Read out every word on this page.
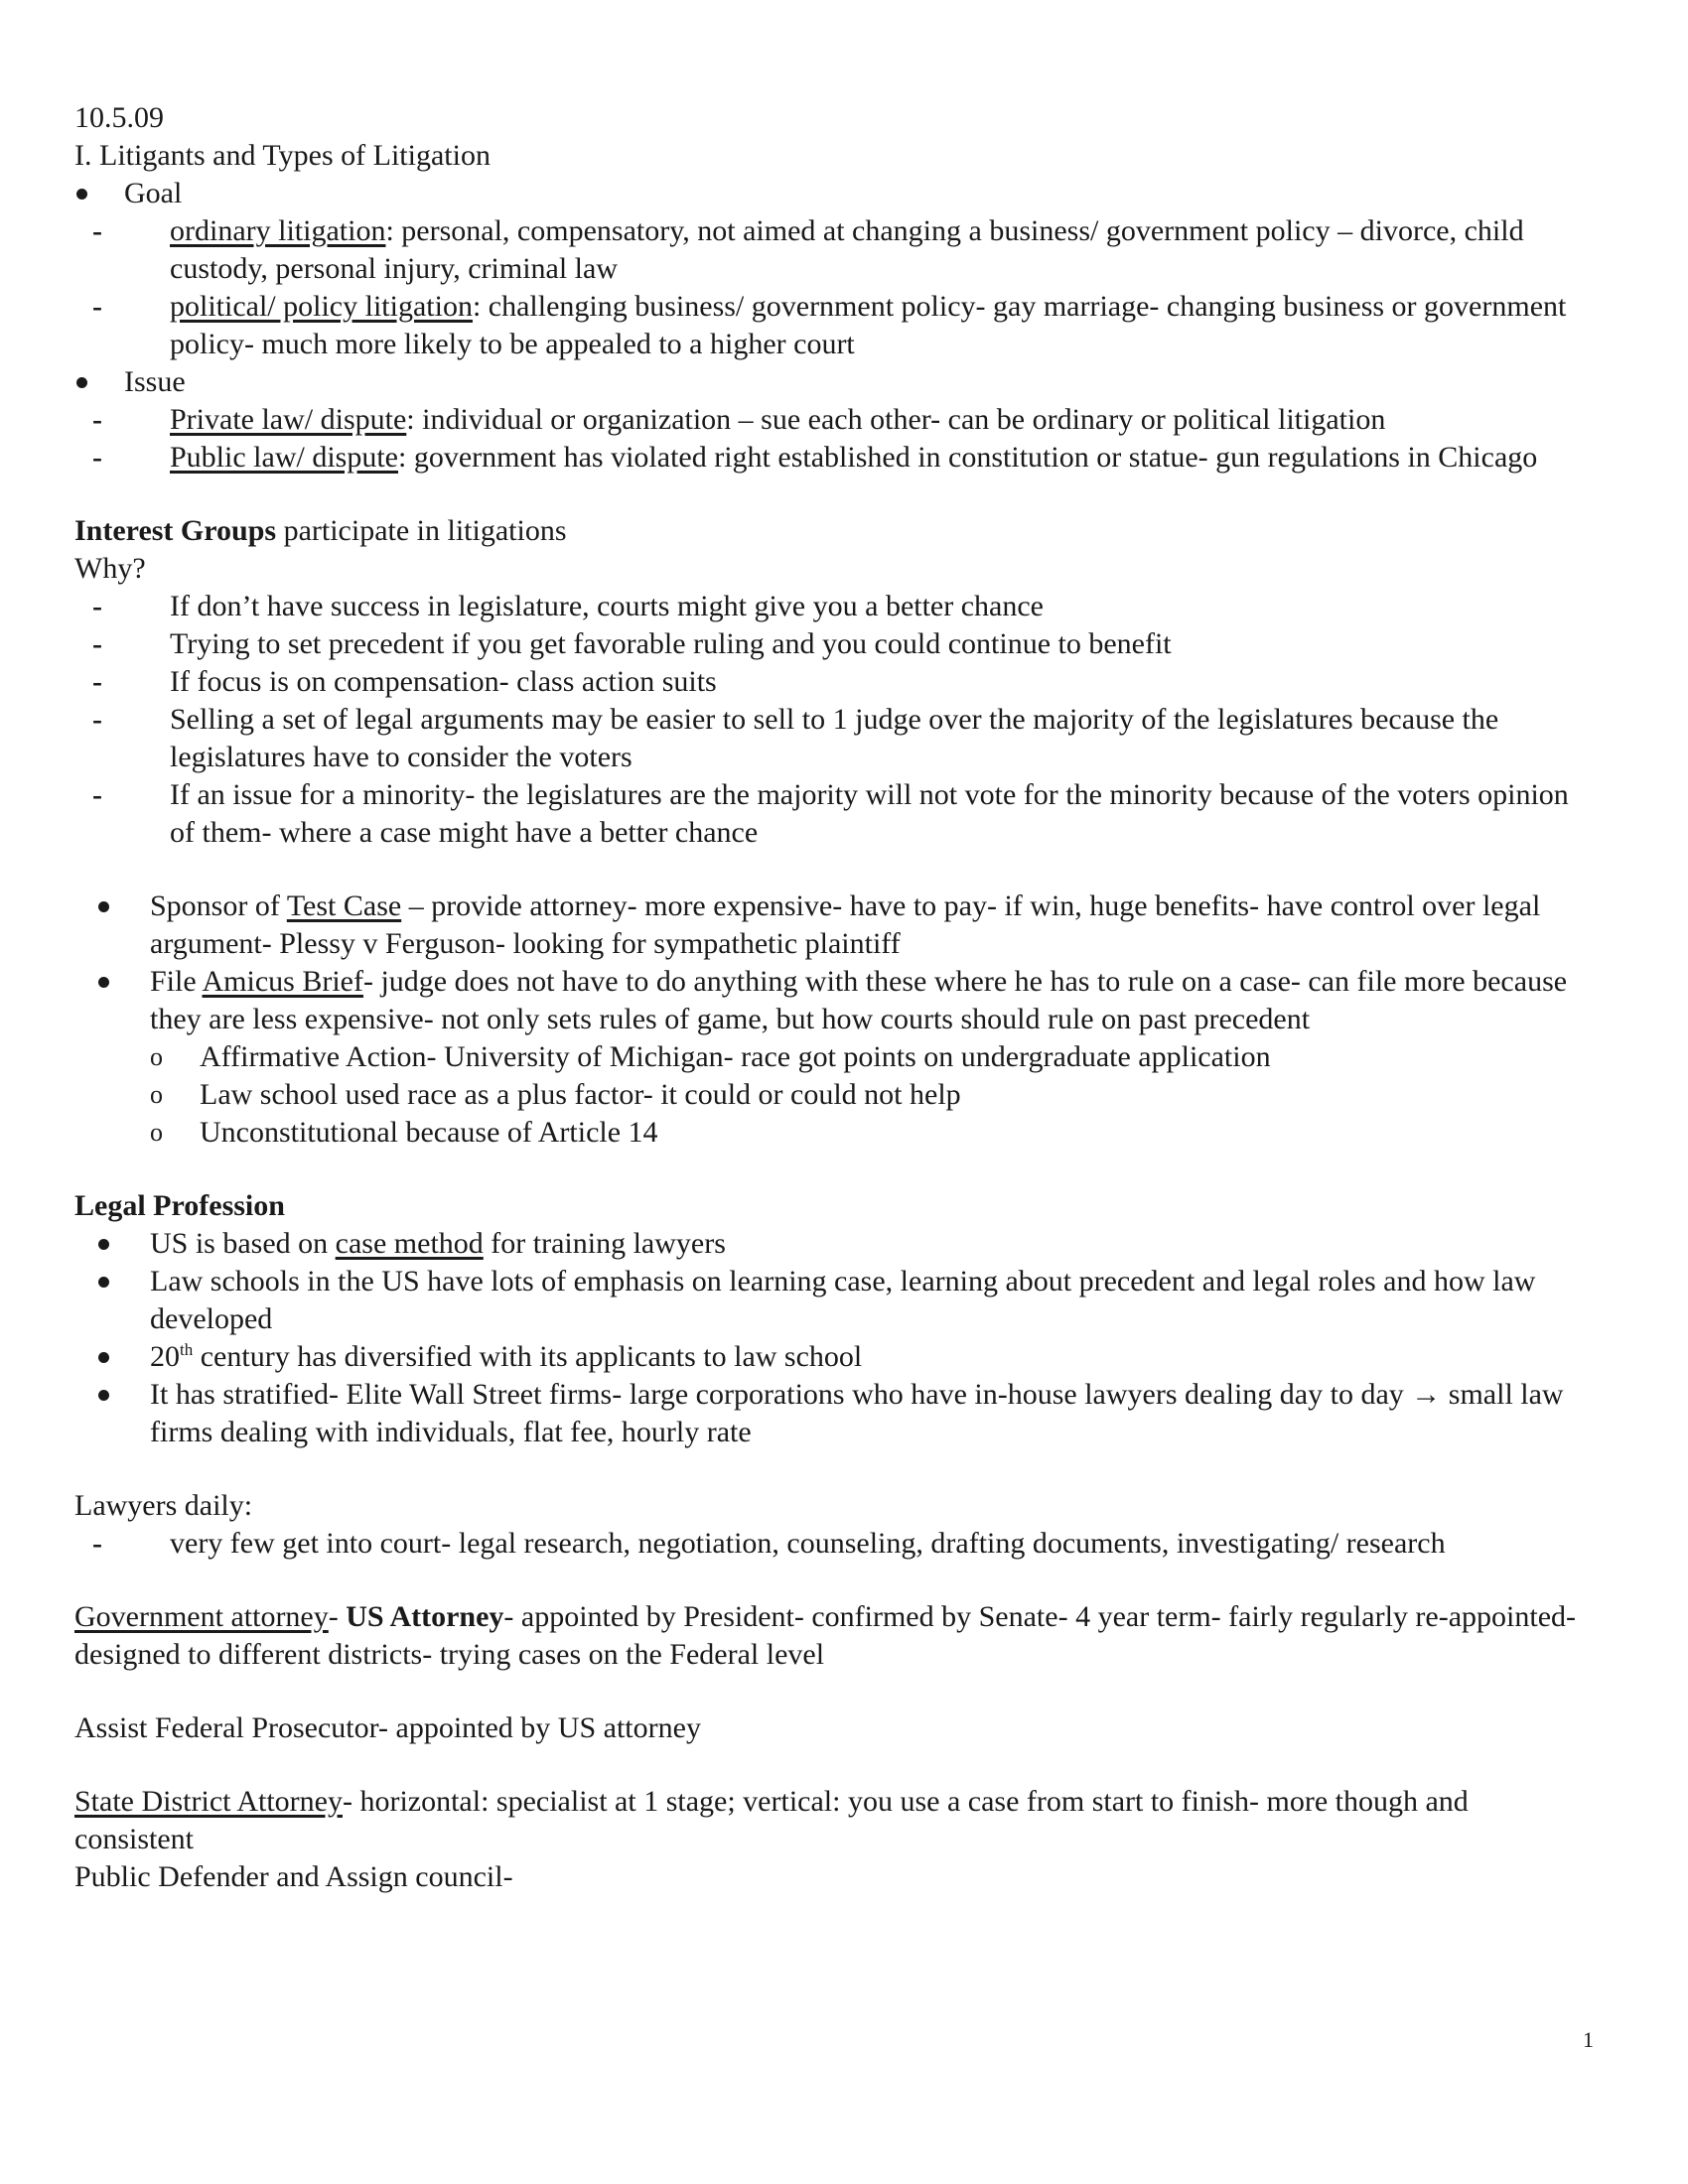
10.5.09

I. Litigants and Types of Litigation

Goal
- ordinary litigation: personal, compensatory, not aimed at changing a business/ government policy – divorce, child custody, personal injury, criminal law
- political/ policy litigation: challenging business/ government policy- gay marriage- changing business or government policy- much more likely to be appealed to a higher court
Issue
- Private law/ dispute: individual or organization – sue each other- can be ordinary or political litigation
- Public law/ dispute: government has violated right established in constitution or statue- gun regulations in Chicago

Interest Groups participate in litigations

Why?

- If don’t have success in legislature, courts might give you a better chance
- Trying to set precedent if you get favorable ruling and you could continue to benefit
- If focus is on compensation- class action suits
- Selling a set of legal arguments may be easier to sell to 1 judge over the majority of the legislatures because the legislatures have to consider the voters
- If an issue for a minority- the legislatures are the majority will not vote for the minority because of the voters opinion of them- where a case might have a better chance
Sponsor of Test Case – provide attorney- more expensive- have to pay- if win, huge benefits- have control over legal argument- Plessy v Ferguson- looking for sympathetic plaintiff
File Amicus Brief- judge does not have to do anything with these where he has to rule on a case- can file more because they are less expensive- not only sets rules of game, but how courts should rule on past precedent
o Affirmative Action- University of Michigan- race got points on undergraduate application
o Law school used race as a plus factor- it could or could not help
o Unconstitutional because of Article 14

Legal Profession

US is based on case method for training lawyers
Law schools in the US have lots of emphasis on learning case, learning about precedent and legal roles and how law developed
20th century has diversified with its applicants to law school
It has stratified- Elite Wall Street firms- large corporations who have in-house lawyers dealing day to day → small law firms dealing with individuals, flat fee, hourly rate

Lawyers daily:

- very few get into court- legal research, negotiation, counseling, drafting documents, investigating/ research

Government attorney- US Attorney- appointed by President- confirmed by Senate- 4 year term- fairly regularly re-appointed- designed to different districts- trying cases on the Federal level

Assist Federal Prosecutor- appointed by US attorney

State District Attorney- horizontal: specialist at 1 stage; vertical: you use a case from start to finish- more though and consistent

Public Defender and Assign council-

1
